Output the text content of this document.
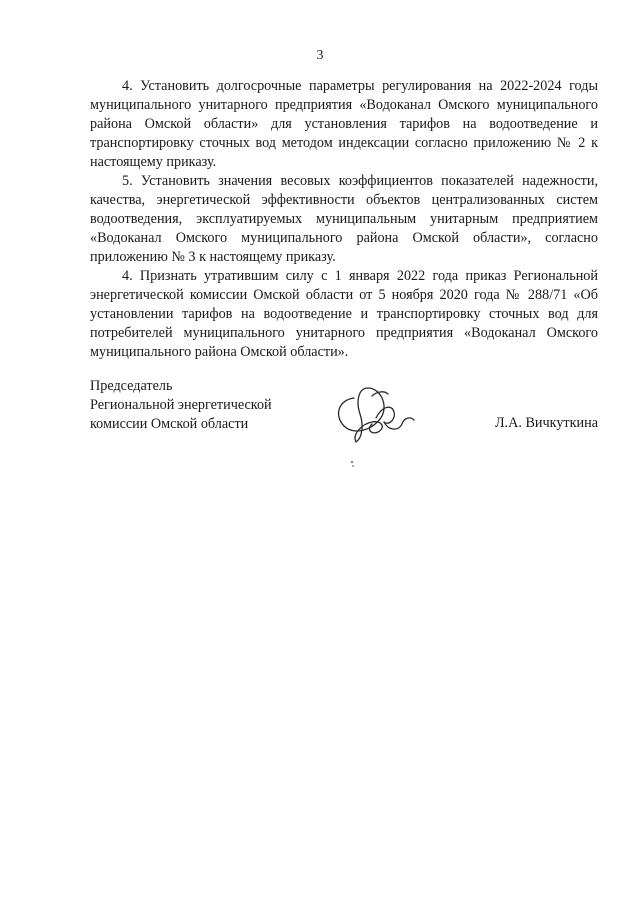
3

4. Установить долгосрочные параметры регулирования на 2022-2024 годы муниципального унитарного предприятия «Водоканал Омского муниципального района Омской области» для установления тарифов на водоотведение и транспортировку сточных вод методом индексации согласно приложению № 2 к настоящему приказу.

5. Установить значения весовых коэффициентов показателей надежности, качества, энергетической эффективности объектов централизованных систем водоотведения, эксплуатируемых муниципальным унитарным предприятием «Водоканал Омского муниципального района Омской области», согласно приложению № 3 к настоящему приказу.

4. Признать утратившим силу с 1 января 2022 года приказ Региональной энергетической комиссии Омской области от 5 ноября 2020 года № 288/71 «Об установлении тарифов на водоотведение и транспортировку сточных вод для потребителей муниципального унитарного предприятия «Водоканал Омского муниципального района Омской области».

Председатель
Региональной энергетической
комиссии Омской области	Л.А. Вичкуткина
